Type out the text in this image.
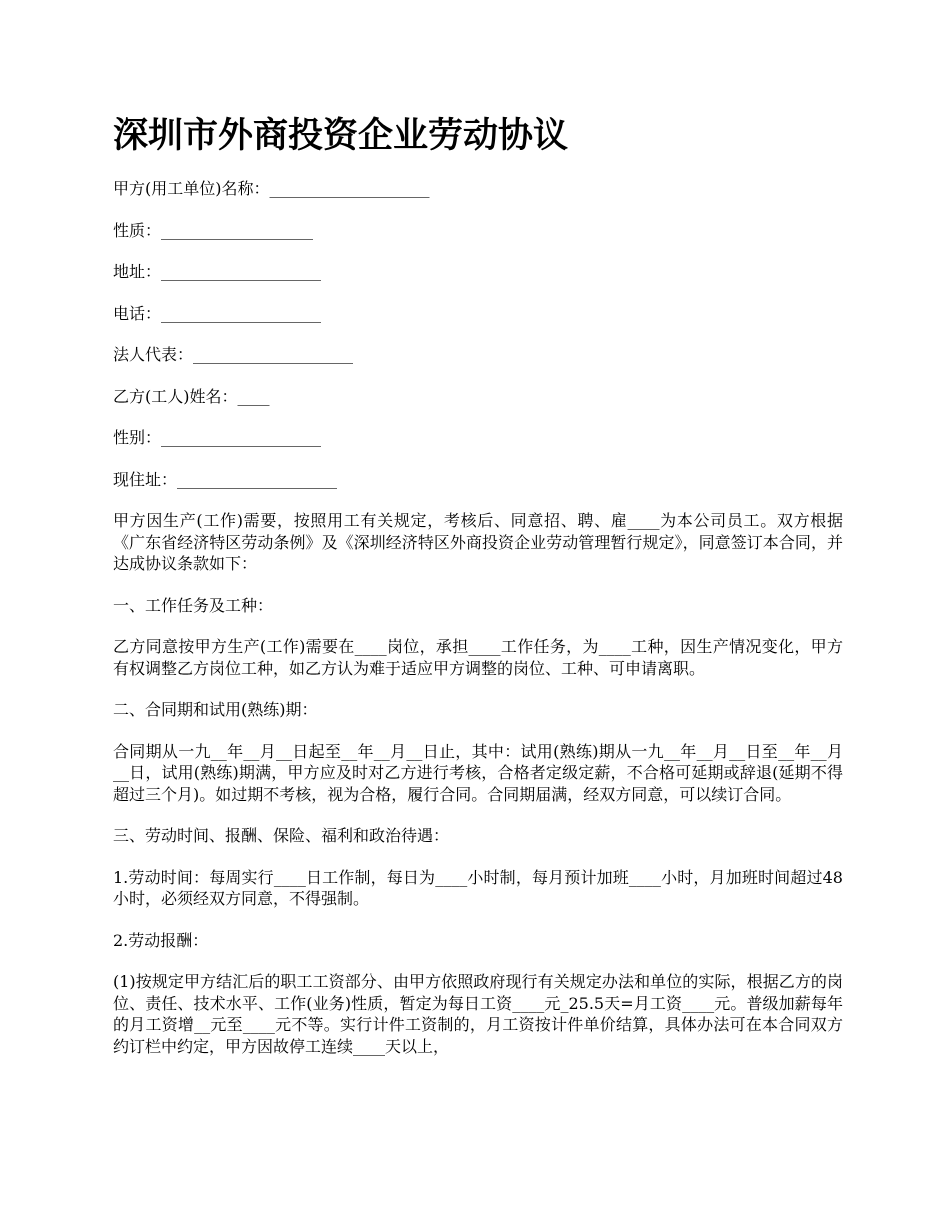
深圳市外商投资企业劳动协议

甲方(用工单位)名称：____________________

性质：___________________

地址：____________________

电话：____________________

法人代表：____________________

乙方(工人)姓名：____

性别：____________________

现住址：____________________

甲方因生产(工作)需要，按照用工有关规定，考核后、同意招、聘、雇____为本公司员工。双方根据《广东省经济特区劳动条例》及《深圳经济特区外商投资企业劳动管理暂行规定》，同意签订本合同，并达成协议条款如下：

一、工作任务及工种：

乙方同意按甲方生产(工作)需要在____岗位，承担____工作任务，为____工种，因生产情况变化，甲方有权调整乙方岗位工种，如乙方认为难于适应甲方调整的岗位、工种、可申请离职。

二、合同期和试用(熟练)期：

合同期从一九__年__月__日起至__年__月__日止，其中：试用(熟练)期从一九__年__月__日至__年__月__日，试用(熟练)期满，甲方应及时对乙方进行考核，合格者定级定薪，不合格可延期或辞退(延期不得超过三个月)。如过期不考核，视为合格，履行合同。合同期届满，经双方同意，可以续订合同。

三、劳动时间、报酬、保险、福利和政治待遇：

1.劳动时间：每周实行____日工作制，每日为____小时制，每月预计加班____小时，月加班时间超过48小时，必须经双方同意，不得强制。

2.劳动报酬：

(1)按规定甲方结汇后的职工工资部分、由甲方依照政府现行有关规定办法和单位的实际，根据乙方的岗位、责任、技术水平、工作(业务)性质，暂定为每日工资____元_25.5天=月工资____元。普级加薪每年的月工资增__元至____元不等。实行计件工资制的，月工资按计件单价结算，具体办法可在本合同双方约订栏中约定，甲方因故停工连续____天以上，
